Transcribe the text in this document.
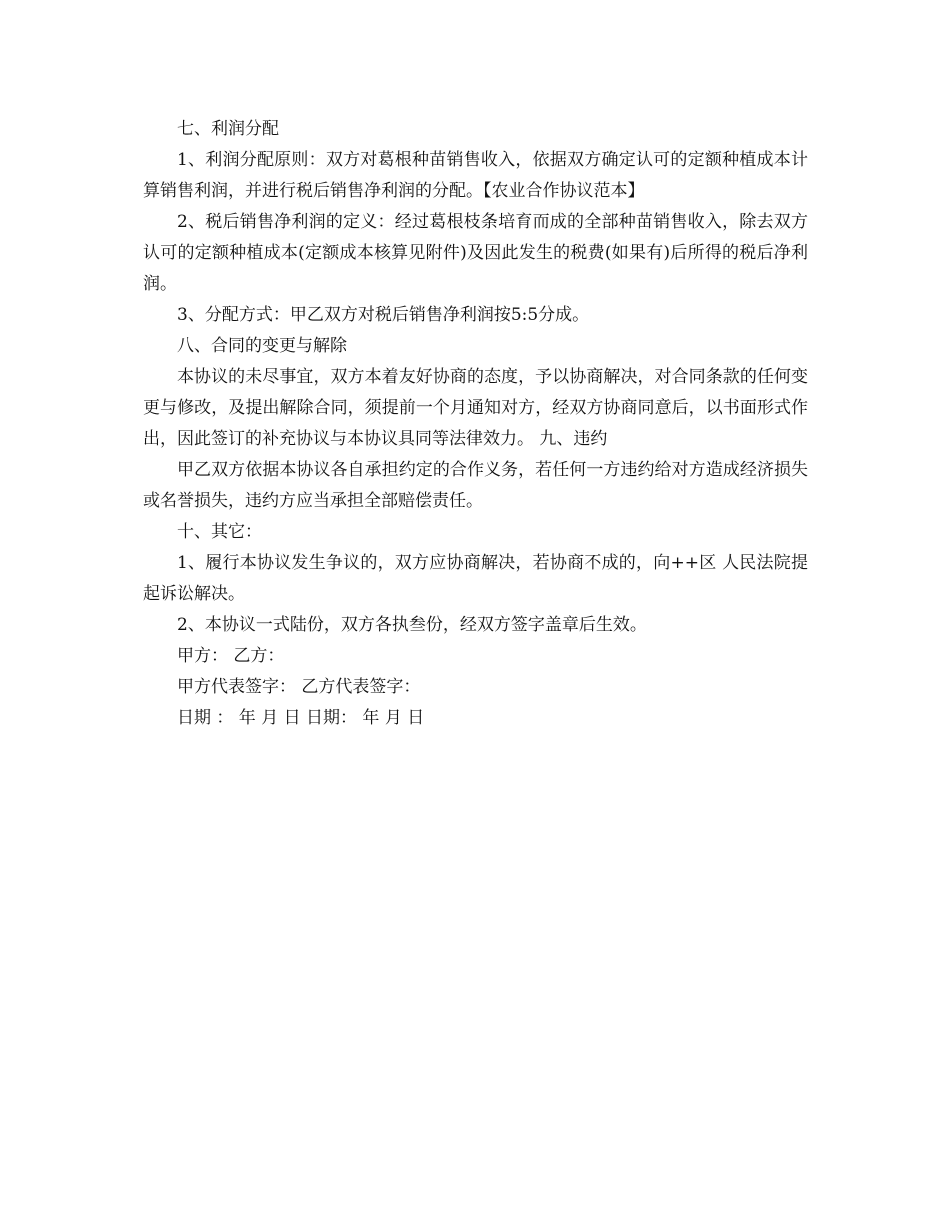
七、利润分配

1、利润分配原则：双方对葛根种苗销售收入，依据双方确定认可的定额种植成本计算销售利润，并进行税后销售净利润的分配。【农业合作协议范本】

2、税后销售净利润的定义：经过葛根枝条培育而成的全部种苗销售收入，除去双方认可的定额种植成本(定额成本核算见附件)及因此发生的税费(如果有)后所得的税后净利润。

3、分配方式：甲乙双方对税后销售净利润按5:5分成。

八、合同的变更与解除

本协议的未尽事宜，双方本着友好协商的态度，予以协商解决，对合同条款的任何变更与修改，及提出解除合同，须提前一个月通知对方，经双方协商同意后，以书面形式作出，因此签订的补充协议与本协议具同等法律效力。 九、违约

甲乙双方依据本协议各自承担约定的合作义务，若任何一方违约给对方造成经济损失或名誉损失，违约方应当承担全部赔偿责任。

十、其它：

1、履行本协议发生争议的，双方应协商解决，若协商不成的，向++区 人民法院提起诉讼解决。

2、本协议一式陆份，双方各执叁份，经双方签字盖章后生效。

甲方： 乙方：

甲方代表签字： 乙方代表签字：

日期 ： 年 月 日 日期： 年 月 日
